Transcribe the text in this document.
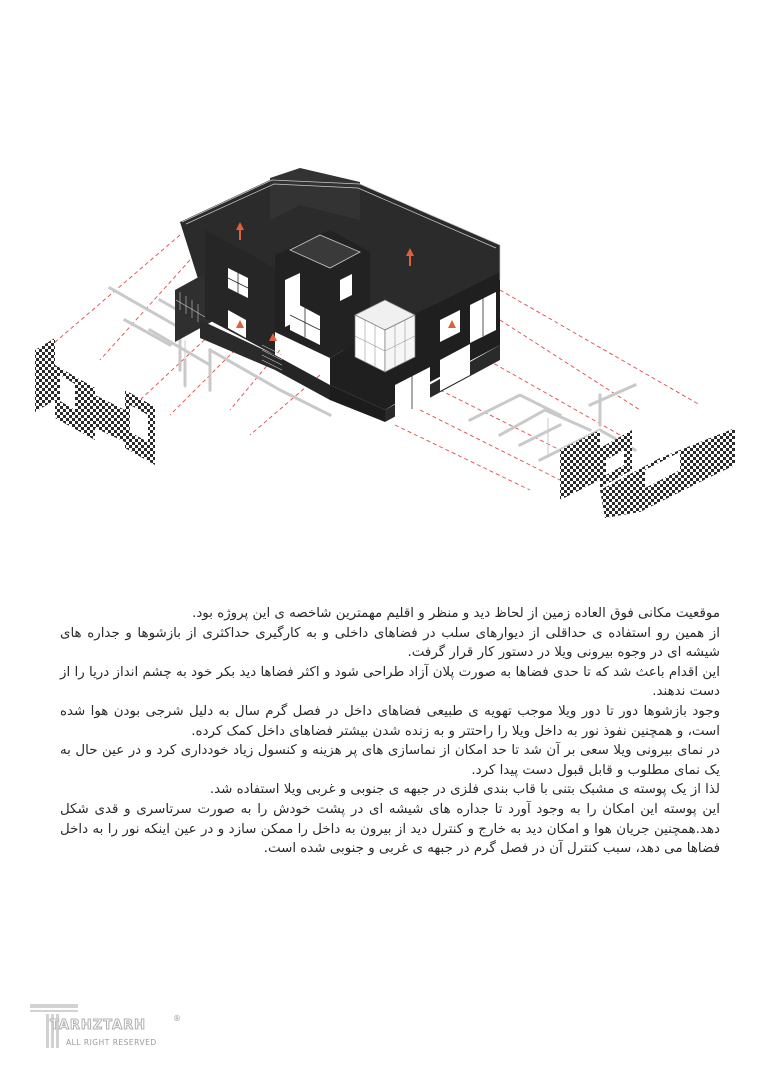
موقعیت مکانی فوق العاده زمین از لحاظ دید و منظر و اقلیم مهمترین شاخصه ی این پروژه بود.

از همین رو استفاده ی حداقلی از دیوارهای سلب در فضاهای داخلی و به کارگیری حداکثری از بازشوها و جداره های شیشه ای در وجوه بیرونی ویلا در دستور کار قرار گرفت.

این اقدام باعث شد که تا حدی فضاها به صورت پلان آزاد طراحی شود و اکثر فضاها دید بکر خود به چشم انداز دریا را از دست ندهند.

وجود بازشوها دور تا دور ویلا موجب تهویه ی طبیعی فضاهای داخل در فصل گرم سال به دلیل شرجی بودن هوا شده است، و همچنین نفوذ نور به داخل ویلا را راحتتر و به زنده شدن بیشتر فضاهای داخل کمک کرده.

در نمای بیرونی ویلا سعی بر آن شد تا حد امکان از نماسازی های پر هزینه و کنسول زیاد خودداری کرد و در عین حال به یک نمای مطلوب و قابل قبول دست پیدا کرد.

لذا از یک پوسته ی مشبک بتنی با قاب بندی فلزی در جبهه ی جنوبی و غربی ویلا استفاده شد.

این پوسته این امکان را به وجود آورد تا جداره های شیشه ای در پشت خودش را به صورت سرتاسری و قدی شکل دهد.همچنین جریان هوا و امکان دید به خارج و کنترل دید از بیرون به داخل را ممکن سازد و در عین اینکه نور را به داخل فضاها می دهد، سبب کنترل آن در فصل گرم در جبهه ی غربی و جنوبی شده است.

TARHZTARH	®
ALL RIGHT RESERVED
